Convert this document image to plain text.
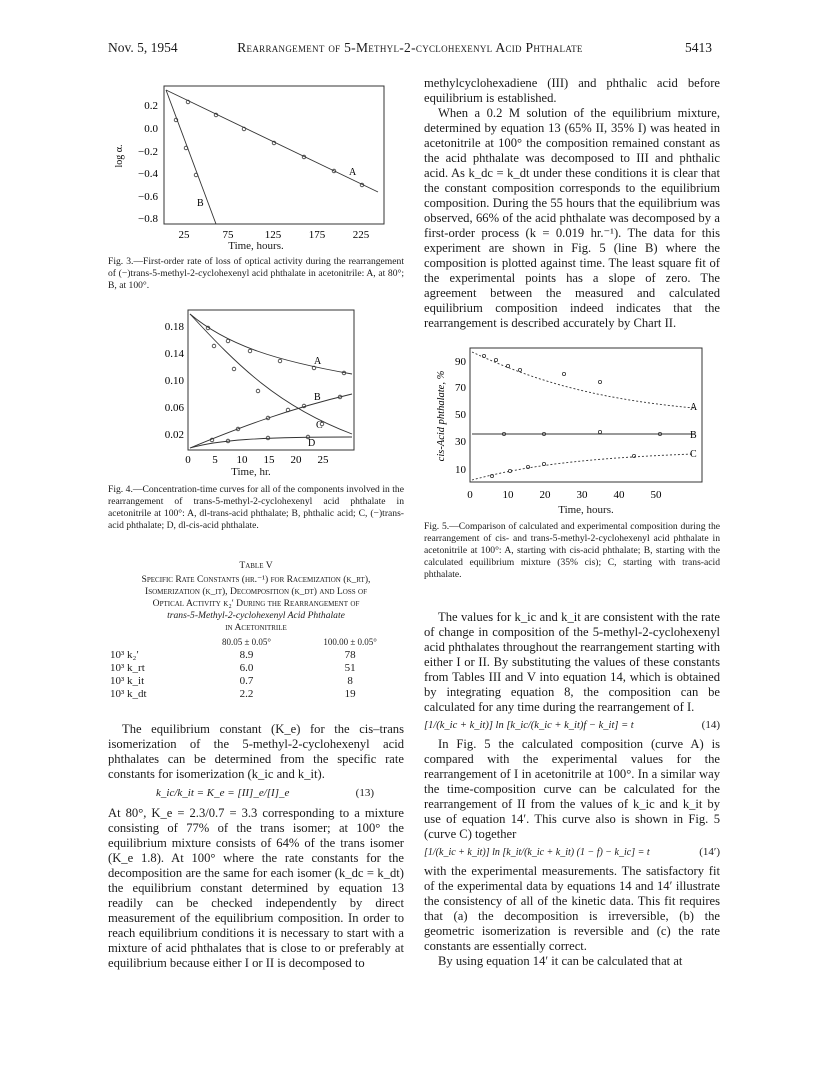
Nov. 5, 1954	Rearrangement of 5-Methyl-2-cyclohexenyl Acid Phthalate	5413
log α.
0.2
0.0
−0.2
−0.4
−0.6
−0.8
A
B
25	75	125	175	225
Time, hours.
Fig. 3.—First-order rate of loss of optical activity during the rearrangement of (−)trans-5-methyl-2-cyclohexenyl acid phthalate in acetonitrile: A, at 80°; B, at 100°.
0.18
0.14
0.10
0.06
0.02
A
B
C
D
0 5 10 15 20 25
Time, hr.
Fig. 4.—Concentration-time curves for all of the components involved in the rearrangement of trans-5-methyl-2-cyclohexenyl acid phthalate in acetonitrile at 100°: A, dl-trans-acid phthalate; B, phthalic acid; C, (−)trans-acid phthalate; D, dl-cis-acid phthalate.
Table V
Specific Rate Constants (hr.⁻¹) for Racemization (k_rt),
Isomerization (k_it), Decomposition (k_dt) and Loss of
Optical Activity k₂′ During the Rearrangement of
trans-5-Methyl-2-cyclohexenyl Acid Phthalate
in Acetonitrile
	80.05 ± 0.05°	100.00 ± 0.05°
10³ k₂′	8.9	78
10³ k_rt	6.0	51
10³ k_it	0.7	8
10³ k_dt	2.2	19

The equilibrium constant (K_e) for the cis–trans isomerization of the 5-methyl-2-cyclohexenyl acid phthalates can be determined from the specific rate constants for isomerization (k_ic and k_it).

k_ic/k_it = K_e = [II]_e/[I]_e	(13)

At 80°, K_e = 2.3/0.7 = 3.3 corresponding to a mixture consisting of 77% of the trans isomer; at 100° the equilibrium mixture consists of 64% of the trans isomer (K_e 1.8). At 100° where the rate constants for the decomposition are the same for each isomer (k_dc = k_dt) the equilibrium constant determined by equation 13 readily can be checked independently by direct measurement of the equilibrium composition. In order to reach equilibrium conditions it is necessary to start with a mixture of acid phthalates that is close to or preferably at equilibrium because either I or II is decomposed to

methylcyclohexadiene (III) and phthalic acid before equilibrium is established.

When a 0.2 M solution of the equilibrium mixture, determined by equation 13 (65% II, 35% I) was heated in acetonitrile at 100° the composition remained constant as the acid phthalate was decomposed to III and phthalic acid. As k_dc = k_dt under these conditions it is clear that the constant composition corresponds to the equilibrium composition. During the 55 hours that the equilibrium was observed, 66% of the acid phthalate was decomposed by a first-order process (k = 0.019 hr.⁻¹). The data for this experiment are shown in Fig. 5 (line B) where the composition is plotted against time. The least square fit of the experimental points has a slope of zero. The agreement between the measured and calculated equilibrium composition indeed indicates that the rearrangement is described accurately by Chart II.

cis-Acid phthalate, %
90
70
50
30
10
A
B
C
0	10 20 30 40 50
Time, hours.
Fig. 5.—Comparison of calculated and experimental composition during the rearrangement of cis- and trans-5-methyl-2-cyclohexenyl acid phthalate in acetonitrile at 100°: A, starting with cis-acid phthalate; B, starting with the calculated equilibrium mixture (35% cis); C, starting with trans-acid phthalate.

The values for k_ic and k_it are consistent with the rate of change in composition of the 5-methyl-2-cyclohexenyl acid phthalates throughout the rearrangement starting with either I or II. By substituting the values of these constants from Tables III and V into equation 14, which is obtained by integrating equation 8, the composition can be calculated for any time during the rearrangement of I.

[1/(k_ic + k_it)] ln [k_ic/(k_ic + k_it)f − k_it] = t	(14)

In Fig. 5 the calculated composition (curve A) is compared with the experimental values for the rearrangement of I in acetonitrile at 100°. In a similar way the time-composition curve can be calculated for the rearrangement of II from the values of k_ic and k_it by use of equation 14′. This curve also is shown in Fig. 5 (curve C) together

[1/(k_ic + k_it)] ln [k_it/(k_ic + k_it) (1 − f) − k_ic] = t	(14′)

with the experimental measurements. The satisfactory fit of the experimental data by equations 14 and 14′ illustrate the consistency of all of the kinetic data. This fit requires that (a) the decomposition is irreversible, (b) the geometric isomerization is reversible and (c) the rate constants are essentially correct.

By using equation 14′ it can be calculated that at
